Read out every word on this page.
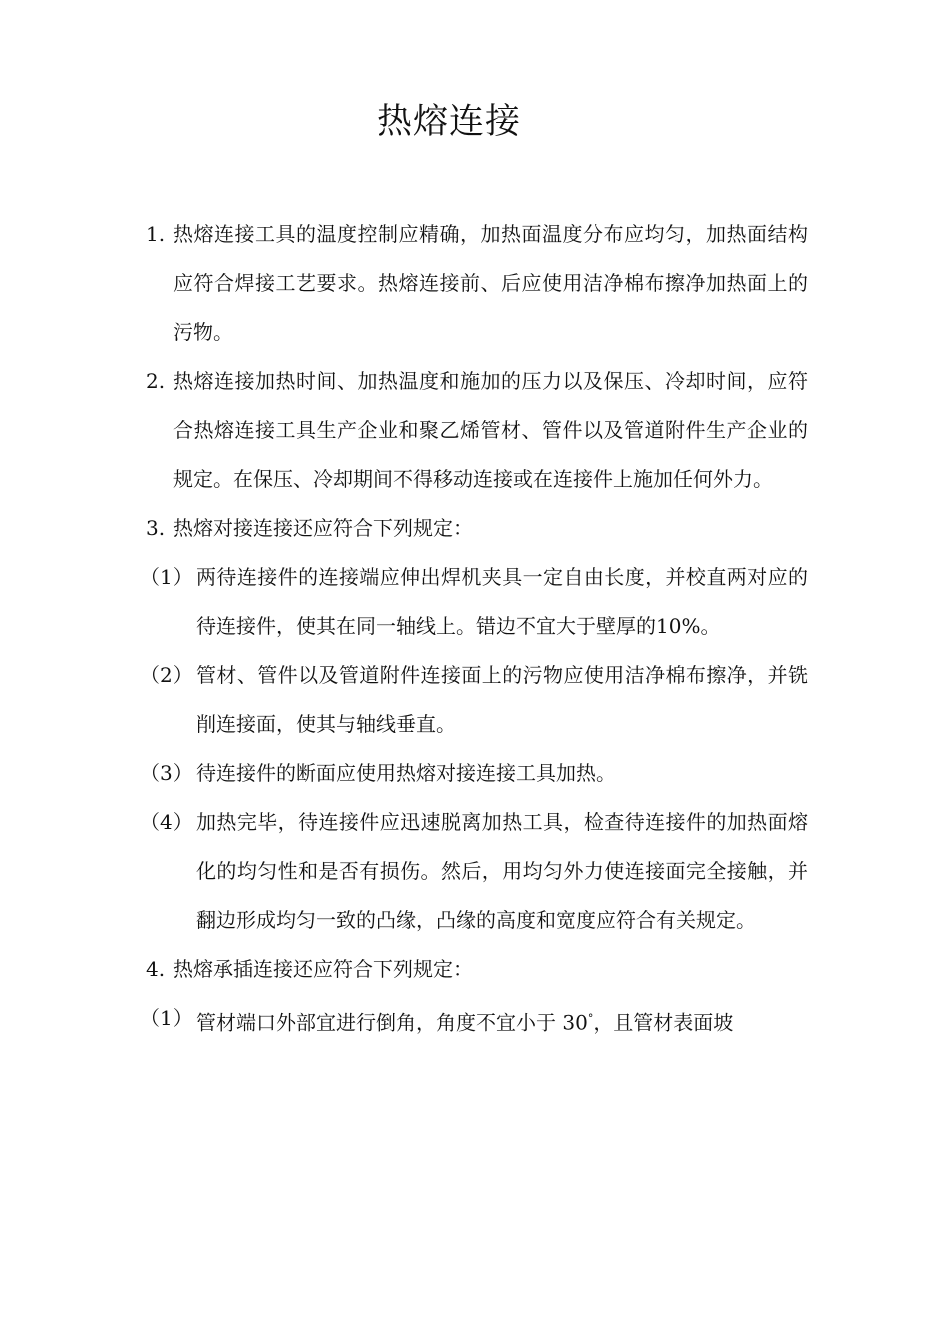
热熔连接
1. 热熔连接工具的温度控制应精确，加热面温度分布应均匀，加热面结构应符合焊接工艺要求。热熔连接前、后应使用洁净棉布擦净加热面上的污物。
2. 热熔连接加热时间、加热温度和施加的压力以及保压、冷却时间，应符合热熔连接工具生产企业和聚乙烯管材、管件以及管道附件生产企业的规定。在保压、冷却期间不得移动连接或在连接件上施加任何外力。
3. 热熔对接连接还应符合下列规定：
（1） 两待连接件的连接端应伸出焊机夹具一定自由长度，并校直两对应的待连接件，使其在同一轴线上。错边不宜大于壁厚的10%。
（2） 管材、管件以及管道附件连接面上的污物应使用洁净棉布擦净，并铣削连接面，使其与轴线垂直。
（3） 待连接件的断面应使用热熔对接连接工具加热。
（4） 加热完毕，待连接件应迅速脱离加热工具，检查待连接件的加热面熔化的均匀性和是否有损伤。然后，用均匀外力使连接面完全接触，并翻边形成均匀一致的凸缘，凸缘的高度和宽度应符合有关规定。
4. 热熔承插连接还应符合下列规定：
（1） 管材端口外部宜进行倒角，角度不宜小于 30°，且管材表面坡
